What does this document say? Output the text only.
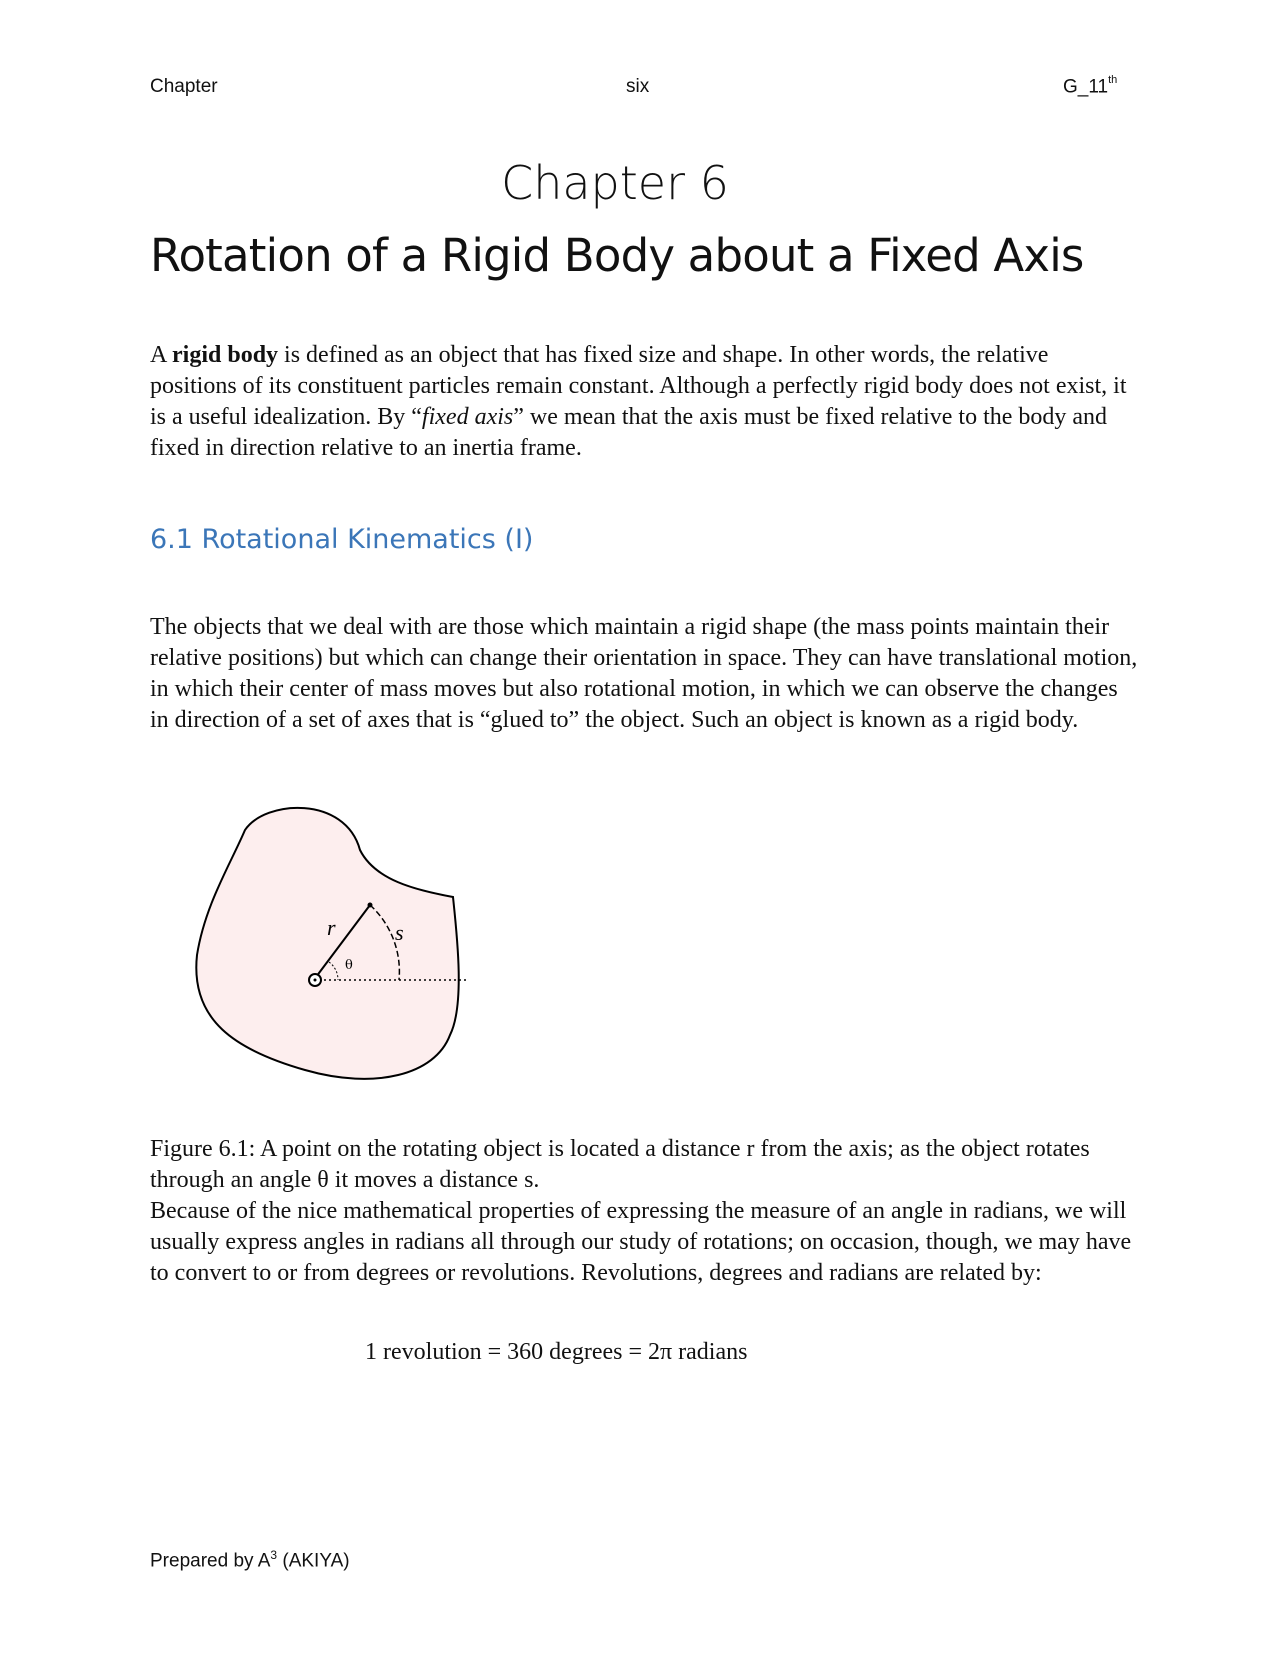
Chapter	six	G_11th
Chapter 6
Rotation of a Rigid Body about a Fixed Axis
A rigid body is defined as an object that has fixed size and shape. In other words, the relative positions of its constituent particles remain constant. Although a perfectly rigid body does not exist, it is a useful idealization. By “fixed axis” we mean that the axis must be fixed relative to the body and fixed in direction relative to an inertia frame.
6.1 Rotational Kinematics (I)
The objects that we deal with are those which maintain a rigid shape (the mass points maintain their relative positions) but which can change their orientation in space. They can have translational motion, in which their center of mass moves but also rotational motion, in which we can observe the changes in direction of a set of axes that is “glued to” the object. Such an object is known as a rigid body.
r	s
θ
Figure 6.1: A point on the rotating object is located a distance r from the axis; as the object rotates through an angle θ it moves a distance s.
Because of the nice mathematical properties of expressing the measure of an angle in radians, we will usually express angles in radians all through our study of rotations; on occasion, though, we may have to convert to or from degrees or revolutions. Revolutions, degrees and radians are related by:
1 revolution = 360 degrees = 2π radians
Prepared by $A^3$ (AKIYA)
